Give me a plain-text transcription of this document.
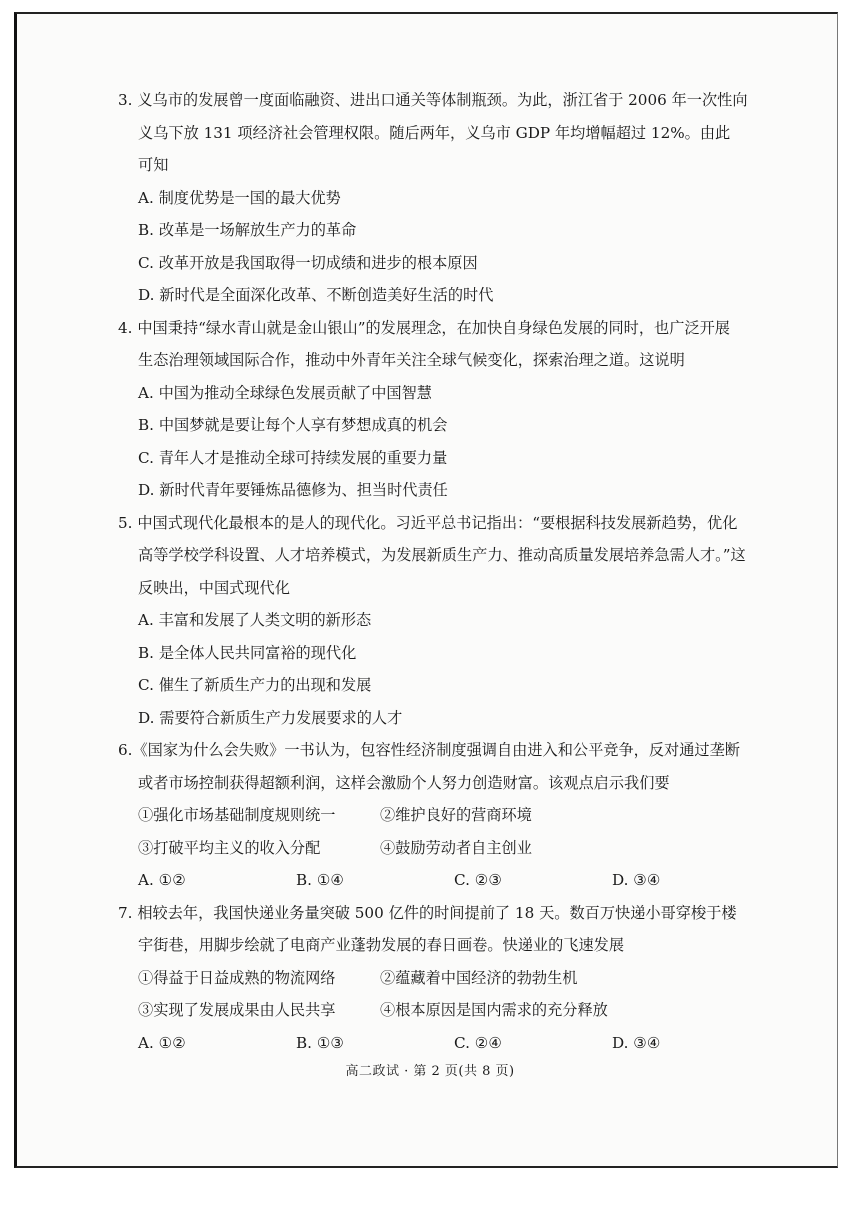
3. 义乌市的发展曾一度面临融资、进出口通关等体制瓶颈。为此，浙江省于 2006 年一次性向
义乌下放 131 项经济社会管理权限。随后两年，义乌市 GDP 年均增幅超过 12%。由此
可知
A. 制度优势是一国的最大优势
B. 改革是一场解放生产力的革命
C. 改革开放是我国取得一切成绩和进步的根本原因
D. 新时代是全面深化改革、不断创造美好生活的时代
4. 中国秉持“绿水青山就是金山银山”的发展理念，在加快自身绿色发展的同时，也广泛开展
生态治理领域国际合作，推动中外青年关注全球气候变化，探索治理之道。这说明
A. 中国为推动全球绿色发展贡献了中国智慧
B. 中国梦就是要让每个人享有梦想成真的机会
C. 青年人才是推动全球可持续发展的重要力量
D. 新时代青年要锤炼品德修为、担当时代责任
5. 中国式现代化最根本的是人的现代化。习近平总书记指出：“要根据科技发展新趋势，优化
高等学校学科设置、人才培养模式，为发展新质生产力、推动高质量发展培养急需人才。”这
反映出，中国式现代化
A. 丰富和发展了人类文明的新形态
B. 是全体人民共同富裕的现代化
C. 催生了新质生产力的出现和发展
D. 需要符合新质生产力发展要求的人才
6.《国家为什么会失败》一书认为，包容性经济制度强调自由进入和公平竞争，反对通过垄断
或者市场控制获得超额利润，这样会激励个人努力创造财富。该观点启示我们要
①强化市场基础制度规则统一	②维护良好的营商环境
③打破平均主义的收入分配	④鼓励劳动者自主创业
A. ①②	B. ①④	C. ②③	D. ③④
7. 相较去年，我国快递业务量突破 500 亿件的时间提前了 18 天。数百万快递小哥穿梭于楼
宇街巷，用脚步绘就了电商产业蓬勃发展的春日画卷。快递业的飞速发展
①得益于日益成熟的物流网络	②蕴藏着中国经济的勃勃生机
③实现了发展成果由人民共享	④根本原因是国内需求的充分释放
A. ①②	B. ①③	C. ②④	D. ③④
高二政试 · 第 2 页(共 8 页)
